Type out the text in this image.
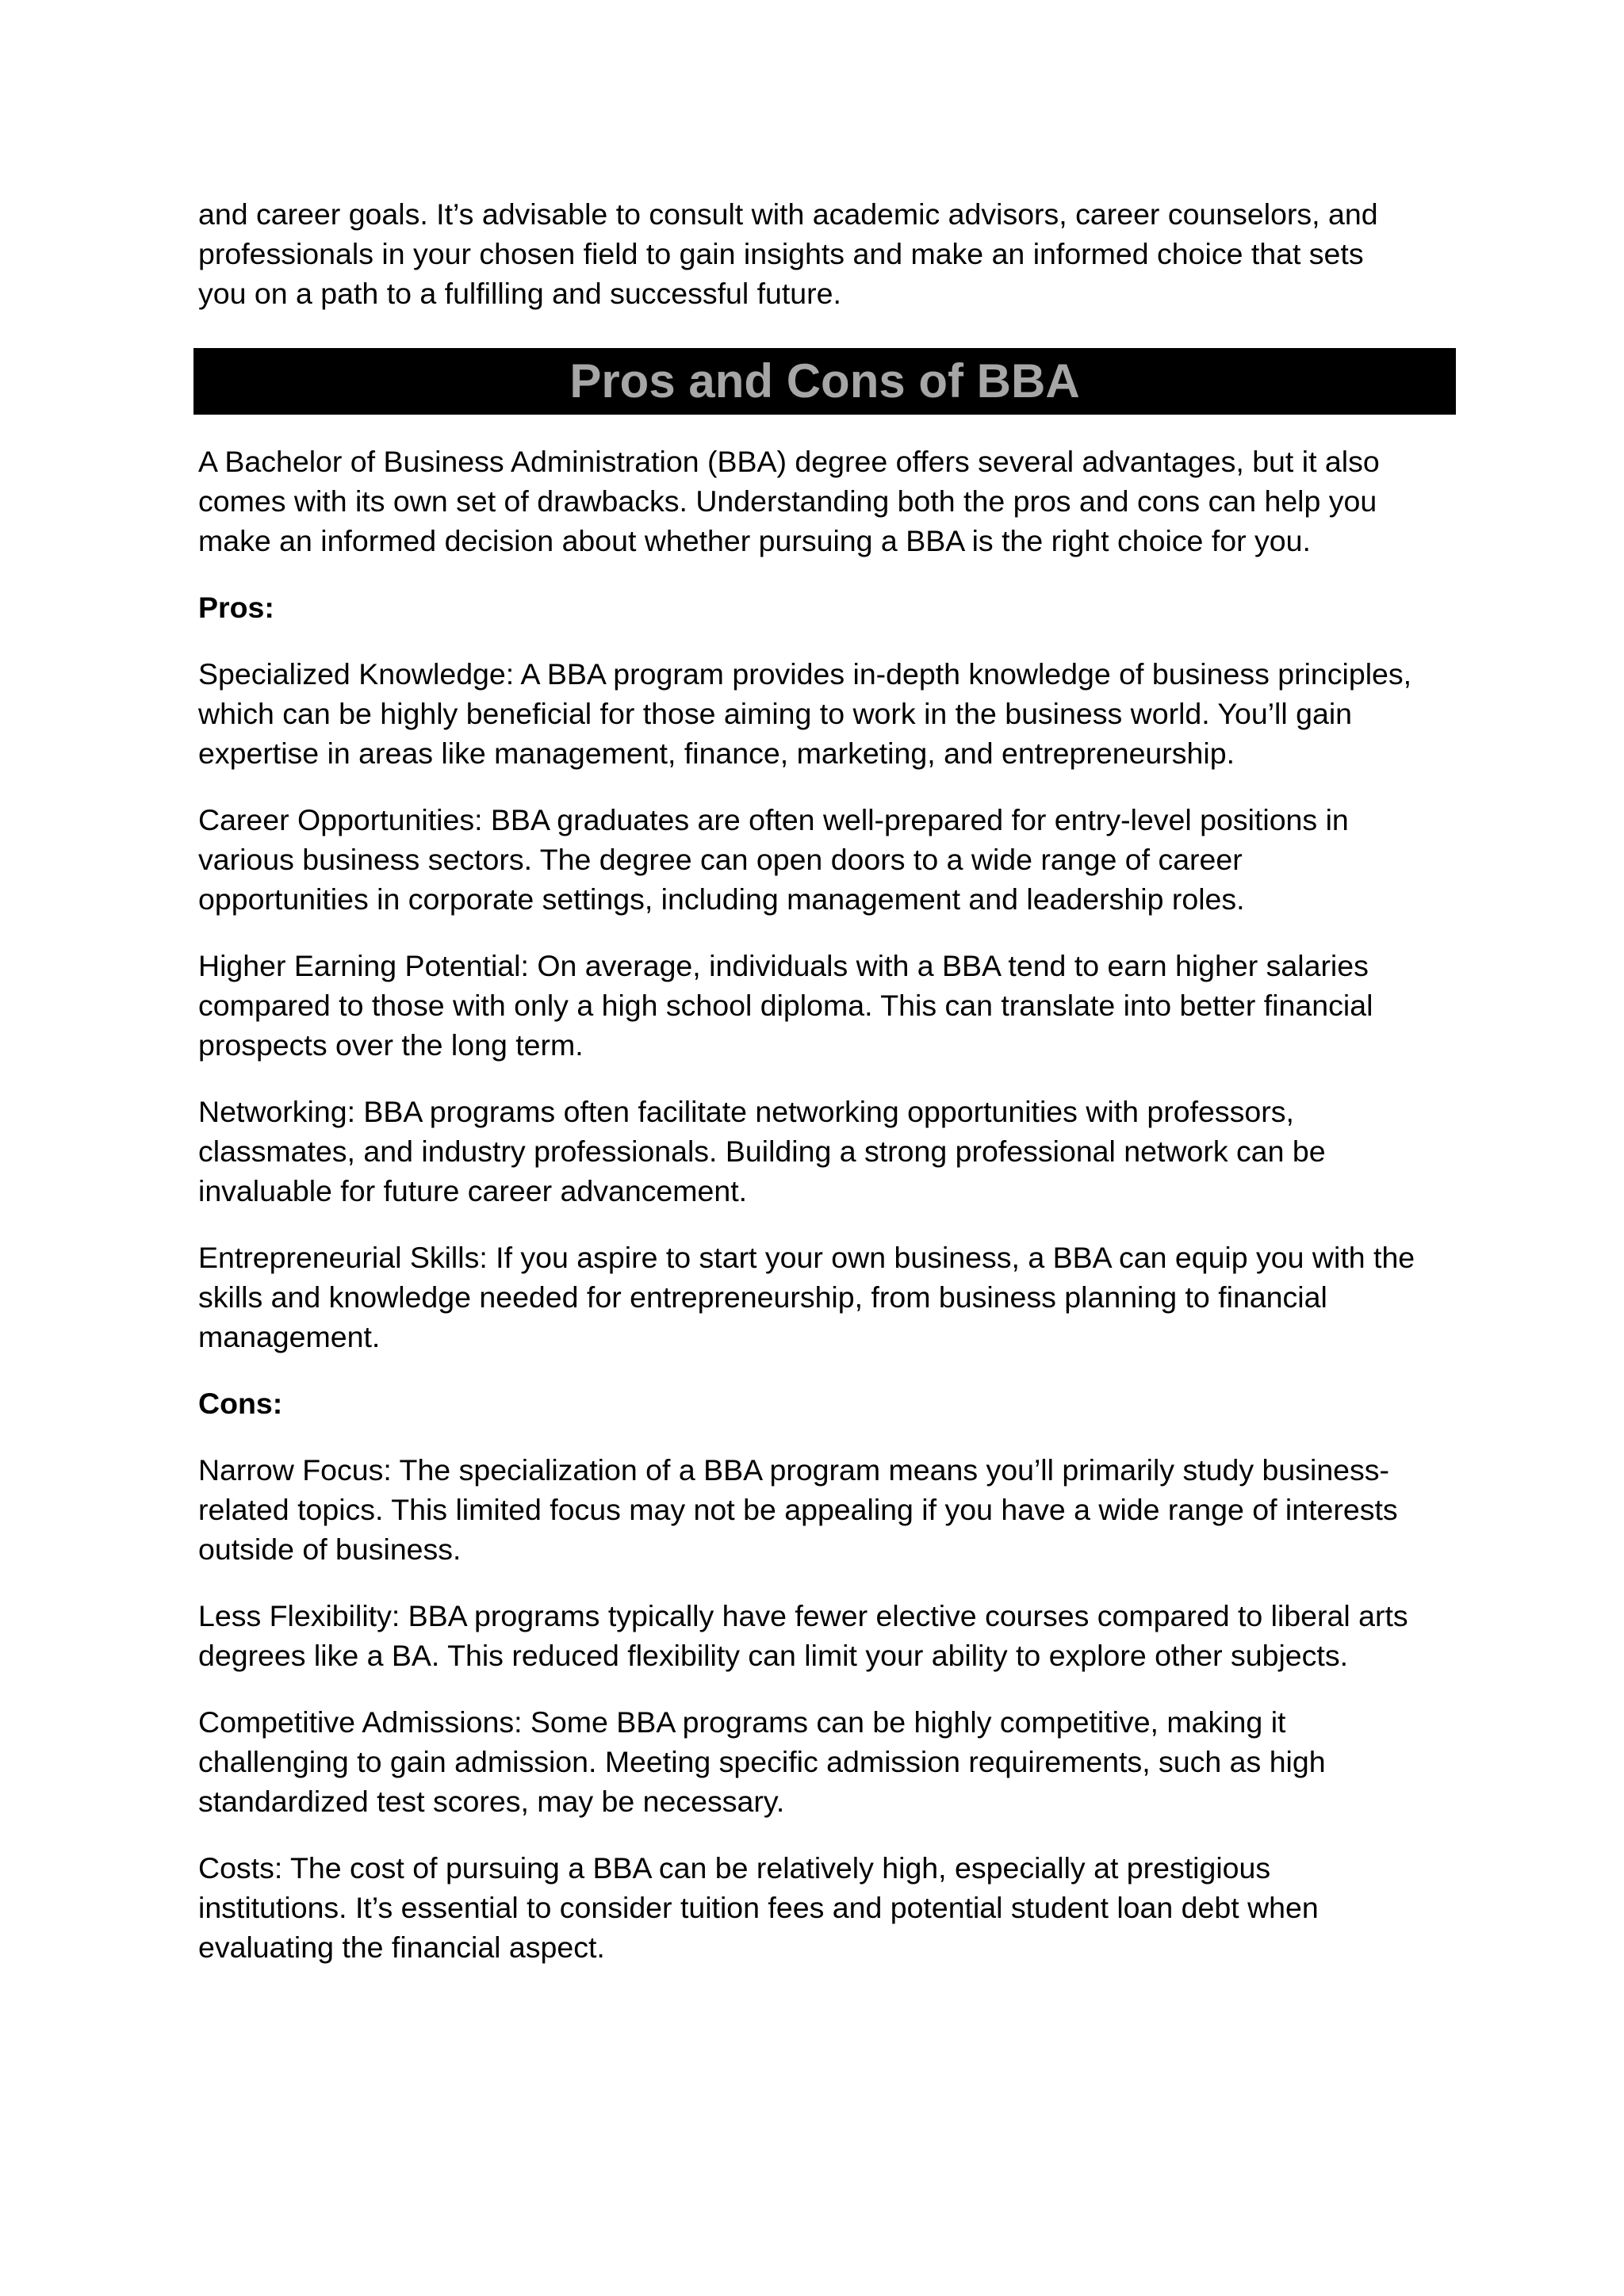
and career goals. It’s advisable to consult with academic advisors, career counselors, and
professionals in your chosen field to gain insights and make an informed choice that sets
you on a path to a fulfilling and successful future.

Pros and Cons of BBA

A Bachelor of Business Administration (BBA) degree offers several advantages, but it also
comes with its own set of drawbacks. Understanding both the pros and cons can help you
make an informed decision about whether pursuing a BBA is the right choice for you.

Pros:

Specialized Knowledge: A BBA program provides in-depth knowledge of business principles,
which can be highly beneficial for those aiming to work in the business world. You’ll gain
expertise in areas like management, finance, marketing, and entrepreneurship.

Career Opportunities: BBA graduates are often well-prepared for entry-level positions in
various business sectors. The degree can open doors to a wide range of career
opportunities in corporate settings, including management and leadership roles.

Higher Earning Potential: On average, individuals with a BBA tend to earn higher salaries
compared to those with only a high school diploma. This can translate into better financial
prospects over the long term.

Networking: BBA programs often facilitate networking opportunities with professors,
classmates, and industry professionals. Building a strong professional network can be
invaluable for future career advancement.

Entrepreneurial Skills: If you aspire to start your own business, a BBA can equip you with the
skills and knowledge needed for entrepreneurship, from business planning to financial
management.

Cons:

Narrow Focus: The specialization of a BBA program means you’ll primarily study business-
related topics. This limited focus may not be appealing if you have a wide range of interests
outside of business.

Less Flexibility: BBA programs typically have fewer elective courses compared to liberal arts
degrees like a BA. This reduced flexibility can limit your ability to explore other subjects.

Competitive Admissions: Some BBA programs can be highly competitive, making it
challenging to gain admission. Meeting specific admission requirements, such as high
standardized test scores, may be necessary.

Costs: The cost of pursuing a BBA can be relatively high, especially at prestigious
institutions. It’s essential to consider tuition fees and potential student loan debt when
evaluating the financial aspect.
